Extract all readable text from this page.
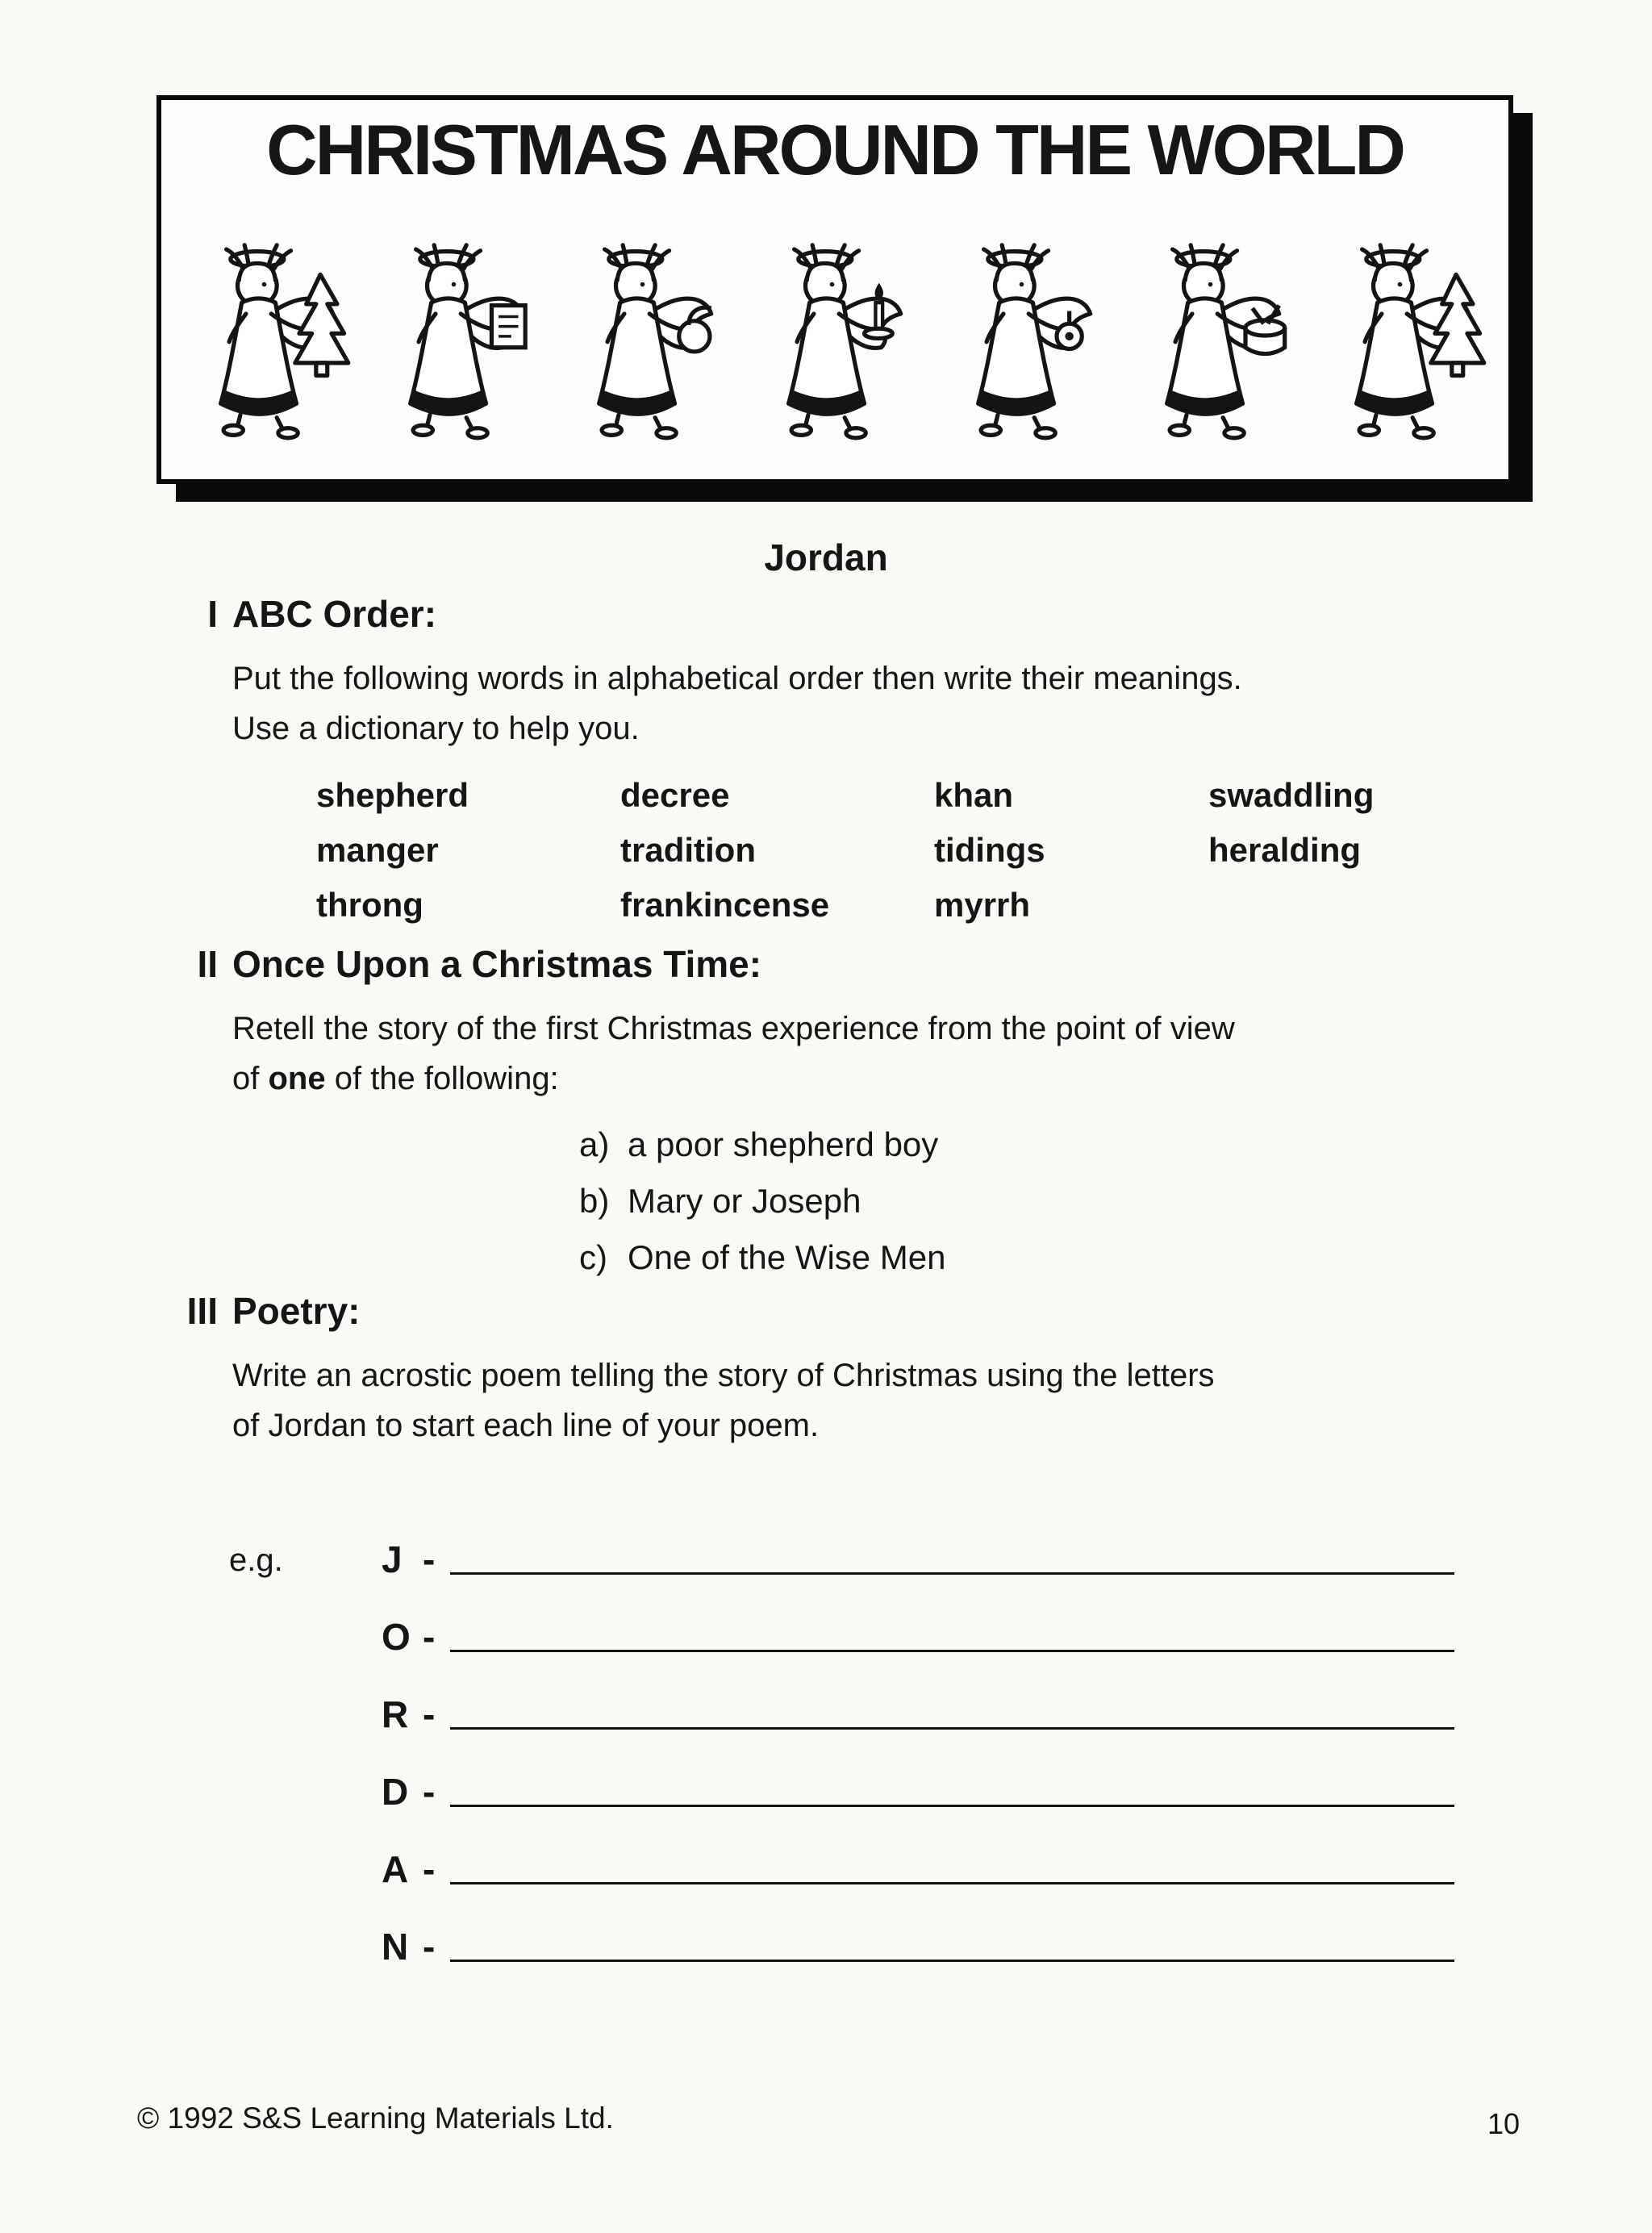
CHRISTMAS AROUND THE WORLD
Jordan
I ABC Order:
Put the following words in alphabetical order then write their meanings.
Use a dictionary to help you.
shepherd	decree	khan	swaddling
manger	tradition	tidings	heralding
throng	frankincense	myrrh
II Once Upon a Christmas Time:
Retell the story of the first Christmas experience from the point of view
of one of the following:
a) a poor shepherd boy
b) Mary or Joseph
c) One of the Wise Men
III Poetry:
Write an acrostic poem telling the story of Christmas using the letters
of Jordan to start each line of your poem.
e.g.	J -
O -
R -
D -
A -
N -
© 1992 S&S Learning Materials Ltd.	10
